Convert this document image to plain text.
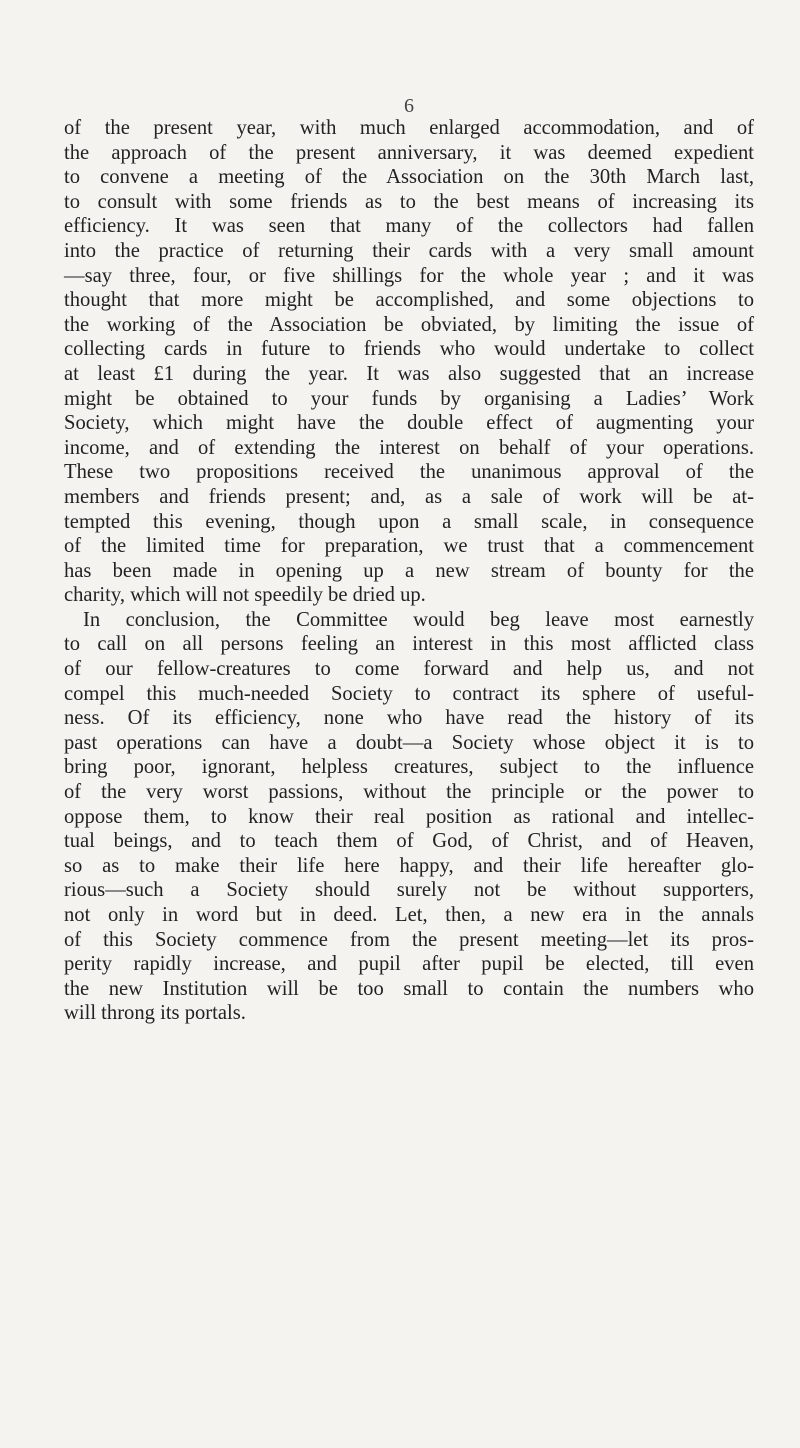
6
of the present year, with much enlarged accommodation, and of
the approach of the present anniversary, it was deemed expedient
to convene a meeting of the Association on the 30th March last,
to consult with some friends as to the best means of increasing its
efficiency. It was seen that many of the collectors had fallen
into the practice of returning their cards with a very small amount
—say three, four, or five shillings for the whole year ; and it was
thought that more might be accomplished, and some objections to
the working of the Association be obviated, by limiting the issue of
collecting cards in future to friends who would undertake to collect
at least £1 during the year. It was also suggested that an increase
might be obtained to your funds by organising a Ladies’ Work
Society, which might have the double effect of augmenting your
income, and of extending the interest on behalf of your operations.
These two propositions received the unanimous approval of the
members and friends present; and, as a sale of work will be at-
tempted this evening, though upon a small scale, in consequence
of the limited time for preparation, we trust that a commencement
has been made in opening up a new stream of bounty for the
charity, which will not speedily be dried up.
In conclusion, the Committee would beg leave most earnestly
to call on all persons feeling an interest in this most afflicted class
of our fellow-creatures to come forward and help us, and not
compel this much-needed Society to contract its sphere of useful-
ness. Of its efficiency, none who have read the history of its
past operations can have a doubt—a Society whose object it is to
bring poor, ignorant, helpless creatures, subject to the influence
of the very worst passions, without the principle or the power to
oppose them, to know their real position as rational and intellec-
tual beings, and to teach them of God, of Christ, and of Heaven,
so as to make their life here happy, and their life hereafter glo-
rious—such a Society should surely not be without supporters,
not only in word but in deed. Let, then, a new era in the annals
of this Society commence from the present meeting—let its pros-
perity rapidly increase, and pupil after pupil be elected, till even
the new Institution will be too small to contain the numbers who
will throng its portals.
